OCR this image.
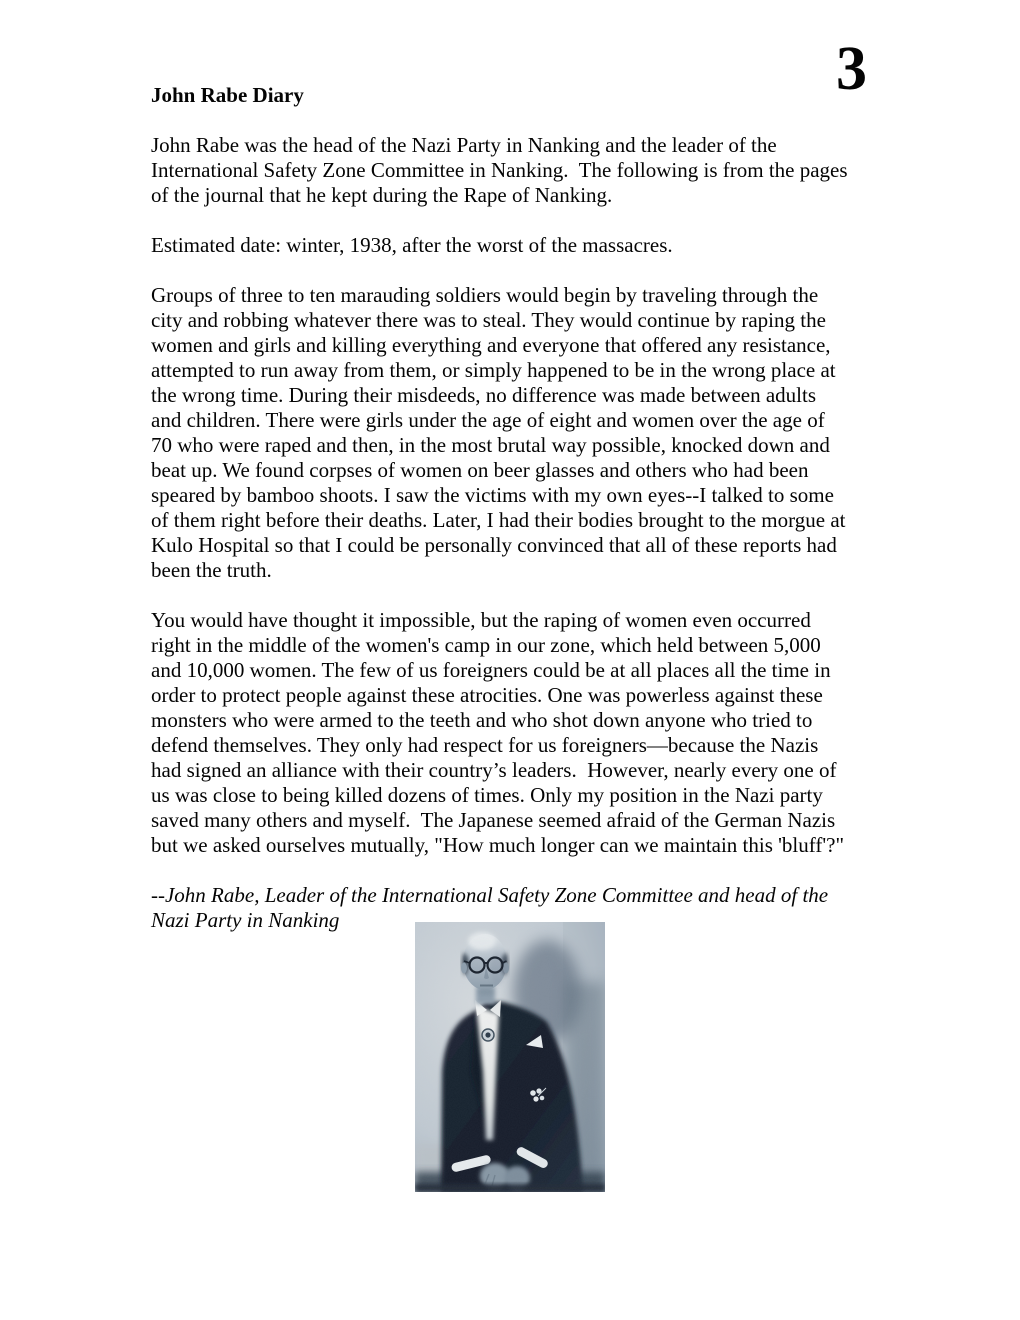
3
John Rabe Diary
John Rabe was the head of the Nazi Party in Nanking and the leader of the
International Safety Zone Committee in Nanking.  The following is from the pages
of the journal that he kept during the Rape of Nanking.
Estimated date: winter, 1938, after the worst of the massacres.
Groups of three to ten marauding soldiers would begin by traveling through the
city and robbing whatever there was to steal. They would continue by raping the
women and girls and killing everything and everyone that offered any resistance,
attempted to run away from them, or simply happened to be in the wrong place at
the wrong time. During their misdeeds, no difference was made between adults
and children. There were girls under the age of eight and women over the age of
70 who were raped and then, in the most brutal way possible, knocked down and
beat up. We found corpses of women on beer glasses and others who had been
speared by bamboo shoots. I saw the victims with my own eyes--I talked to some
of them right before their deaths. Later, I had their bodies brought to the morgue at
Kulo Hospital so that I could be personally convinced that all of these reports had
been the truth.
You would have thought it impossible, but the raping of women even occurred
right in the middle of the women's camp in our zone, which held between 5,000
and 10,000 women. The few of us foreigners could be at all places all the time in
order to protect people against these atrocities. One was powerless against these
monsters who were armed to the teeth and who shot down anyone who tried to
defend themselves. They only had respect for us foreigners—because the Nazis
had signed an alliance with their country’s leaders.  However, nearly every one of
us was close to being killed dozens of times. Only my position in the Nazi party
saved many others and myself.  The Japanese seemed afraid of the German Nazis
but we asked ourselves mutually, "How much longer can we maintain this 'bluff'?"
--John Rabe, Leader of the International Safety Zone Committee and head of the
Nazi Party in Nanking
